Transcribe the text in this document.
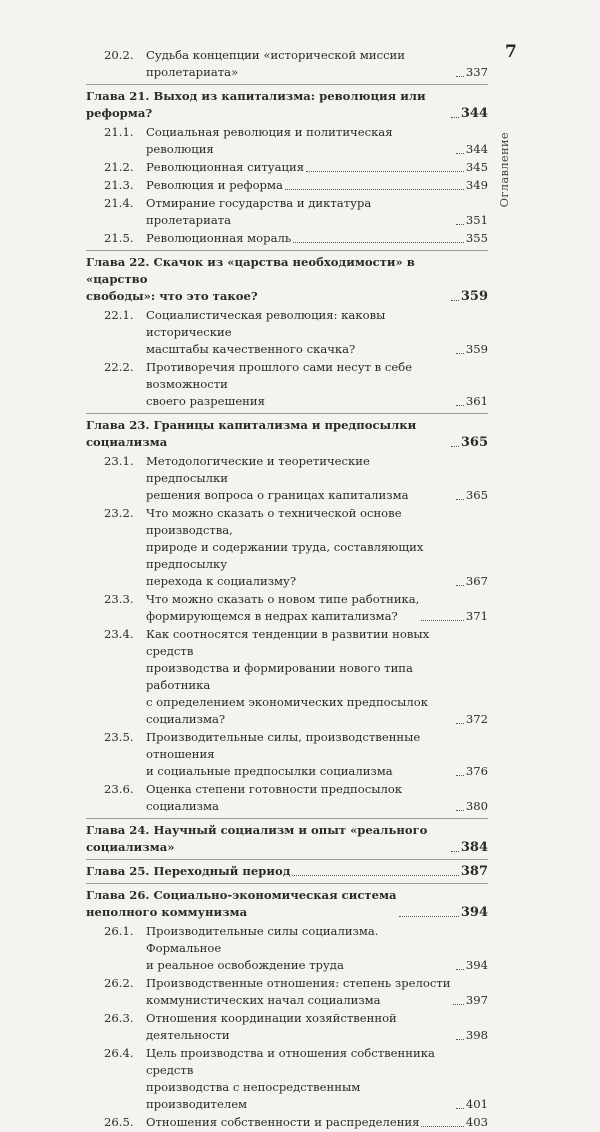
7
Оглавление
20.2.	Судьба концепции «исторической миссии пролетариата»	337
Глава 21. Выход из капитализма: революция или реформа?	344
21.1.	Социальная революция и политическая революция	344
21.2.	Революционная ситуация	345
21.3.	Революция и реформа	349
21.4.	Отмирание государства и диктатура пролетариата	351
21.5.	Революционная мораль	355
Глава 22. Скачок из «царства необходимости» в «царство
свободы»: что это такое?	359
22.1.	Социалистическая революция: каковы исторические
масштабы качественного скачка?	359
22.2.	Противоречия прошлого сами несут в себе возможности
своего разрешения	361
Глава 23. Границы капитализма и предпосылки социализма	365
23.1.	Методологические и теоретические предпосылки
решения вопроса о границах капитализма	365
23.2.	Что можно сказать о технической основе производства,
природе и содержании труда, составляющих предпосылку
перехода к социализму?	367
23.3.	Что можно сказать о новом типе работника,
формирующемся в недрах капитализма?	371
23.4.	Как соотносятся тенденции в развитии новых средств
производства и формировании нового типа работника
с определением экономических предпосылок социализма?	372
23.5.	Производительные силы, производственные отношения
и социальные предпосылки социализма	376
23.6.	Оценка степени готовности предпосылок социализма	380
Глава 24. Научный социализм и опыт «реального социализма»	384
Глава 25. Переходный период	387
Глава 26. Социально-экономическая система
неполного коммунизма	394
26.1.	Производительные силы социализма. Формальное
и реальное освобождение труда	394
26.2.	Производственные отношения: степень зрелости
коммунистических начал социализма	397
26.3.	Отношения координации хозяйственной деятельности	398
26.4.	Цель производства и отношения собственника средств
производства с непосредственным производителем	401
26.5.	Отношения собственности и распределения	403
